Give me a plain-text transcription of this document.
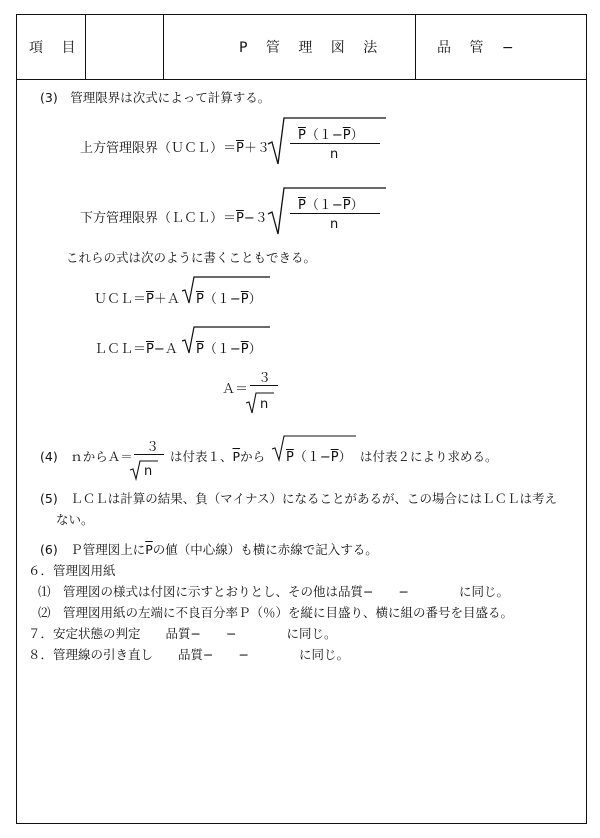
項 目	P 管 理 図 法	品 管 −
(3)　管理限界は次式によって計算する。
上方管理限界$(UCL)=\overline{P}+3$
$\overline{P}(1-\overline{P})$
n
下方管理限界$(LCL)=\overline{P}-3$
$\overline{P}(1-\overline{P})$
n
これらの式は次のように書くこともできる。
$UCL=\overline{P}+A$ $\overline{P}(1-\overline{P})$
$LCL=\overline{P}-A$ $\overline{P}(1-\overline{P})$
Ａ＝
３
n
(4)　ｎからＡ＝
３
n
は付表１、$\overline{P}$から $\overline{P}(1-\overline{P})$ は付表２により求める。
(5)　ＬＣＬは計算の結果、負（マイナス）になることがあるが、この場合にはＬＣＬは考え
ない。
(6)　Ｐ管理図上に$\overline{P}$の値（中心線）も横に赤線で記入する。
６．管理図用紙
⑴　管理図の様式は付図に示すとおりとし、その他は品質−　　−　　　　に同じ。
⑵　管理図用紙の左端に不良百分率Ｐ（％）を縦に目盛り、横に組の番号を目盛る。
７．安定状態の判定　　品質−　　−　　　　に同じ。
８．管理線の引き直し　　品質−　　−　　　　に同じ。
